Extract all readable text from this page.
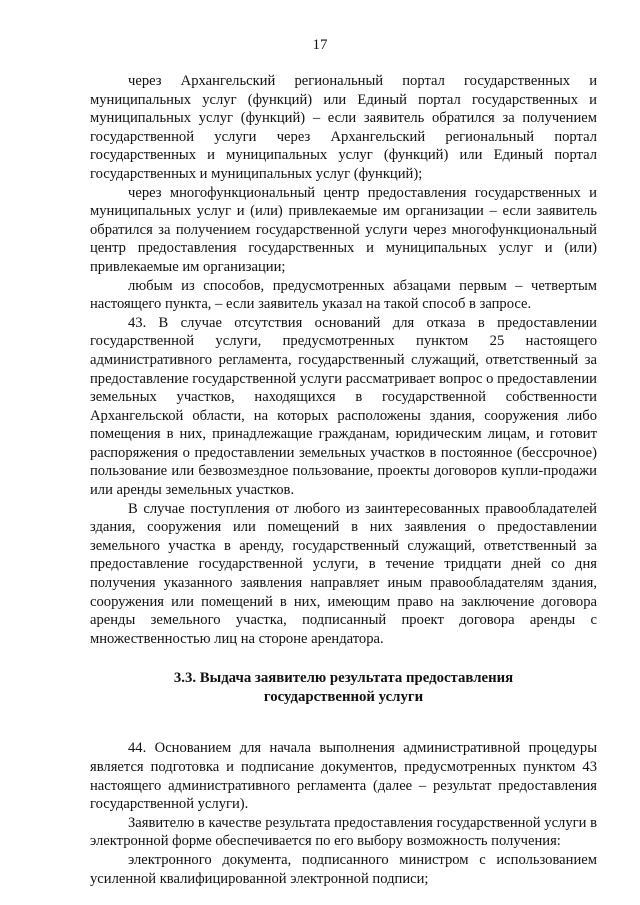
17

через Архангельский региональный портал государственных и муниципальных услуг (функций) или Единый портал государственных и муниципальных услуг (функций) – если заявитель обратился за получением государственной услуги через Архангельский региональный портал государственных и муниципальных услуг (функций) или Единый портал государственных и муниципальных услуг (функций);

через многофункциональный центр предоставления государственных и муниципальных услуг и (или) привлекаемые им организации – если заявитель обратился за получением государственной услуги через многофункциональный центр предоставления государственных и муниципальных услуг и (или) привлекаемые им организации;

любым из способов, предусмотренных абзацами первым – четвертым настоящего пункта, – если заявитель указал на такой способ в запросе.

43. В случае отсутствия оснований для отказа в предоставлении государственной услуги, предусмотренных пунктом 25 настоящего административного регламента, государственный служащий, ответственный за предоставление государственной услуги рассматривает вопрос о предоставлении земельных участков, находящихся в государственной собственности Архангельской области, на которых расположены здания, сооружения либо помещения в них, принадлежащие гражданам, юридическим лицам, и готовит распоряжения о предоставлении земельных участков в постоянное (бессрочное) пользование или безвозмездное пользование, проекты договоров купли-продажи или аренды земельных участков.

В случае поступления от любого из заинтересованных правообладателей здания, сооружения или помещений в них заявления о предоставлении земельного участка в аренду, государственный служащий, ответственный за предоставление государственной услуги, в течение тридцати дней со дня получения указанного заявления направляет иным правообладателям здания, сооружения или помещений в них, имеющим право на заключение договора аренды земельного участка, подписанный проект договора аренды с множественностью лиц на стороне арендатора.

3.3. Выдача заявителю результата предоставления
государственной услуги

44. Основанием для начала выполнения административной процедуры является подготовка и подписание документов, предусмотренных пунктом 43 настоящего административного регламента (далее – результат предоставления государственной услуги).

Заявителю в качестве результата предоставления государственной услуги в электронной форме обеспечивается по его выбору возможность получения:

электронного документа, подписанного министром с использованием усиленной квалифицированной электронной подписи;
